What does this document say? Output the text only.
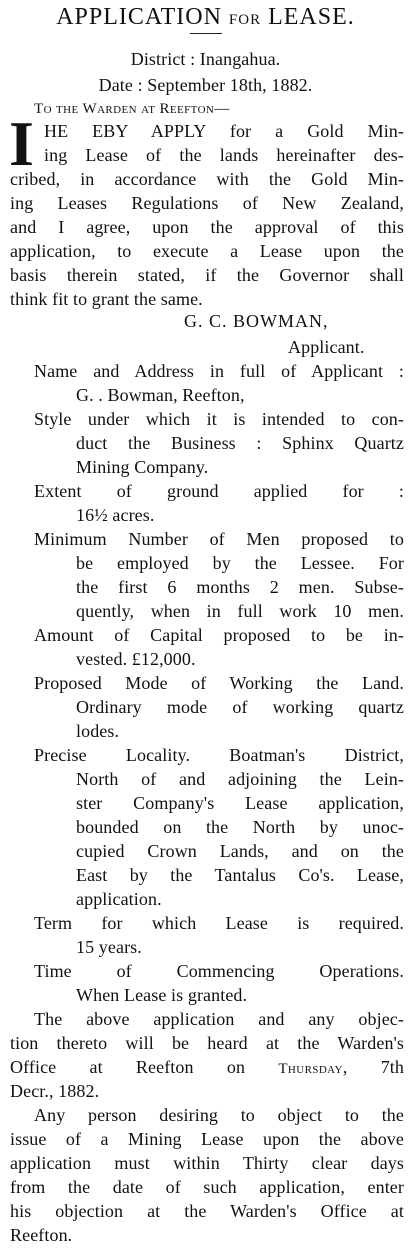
APPLICATION FOR LEASE.
District : Inangahua.
Date : September 18th, 1882.
To the Warden at Reefton—
I HE EBY APPLY for a Gold Min-
ing Lease of the lands hereinafter des-
cribed, in accordance with the Gold Min-
ing Leases Regulations of New Zealand,
and I agree, upon the approval of this
application, to execute a Lease upon the
basis therein stated, if the Governor shall
think fit to grant the same.
G. C. BOWMAN,
Applicant.
Name and Address in full of Applicant :
G. . Bowman, Reefton,
Style under which it is intended to con-
duct the Business : Sphinx Quartz
Mining Company.
Extent of ground applied for :
16½ acres.
Minimum Number of Men proposed to
be employed by the Lessee. For
the first 6 months 2 men. Subse-
quently, when in full work 10 men.
Amount of Capital proposed to be in-
vested. £12,000.
Proposed Mode of Working the Land.
Ordinary mode of working quartz
lodes.
Precise Locality. Boatman's District,
North of and adjoining the Lein-
ster Company's Lease application,
bounded on the North by unoc-
cupied Crown Lands, and on the
East by the Tantalus Co's. Lease,
application.
Term for which Lease is required.
15 years.
Time of Commencing Operations.
When Lease is granted.
The above application and any objec-
tion thereto will be heard at the Warden's
Office at Reefton on Thursday, 7th
Decr., 1882.
Any person desiring to object to the
issue of a Mining Lease upon the above
application must within Thirty clear days
from the date of such application, enter
his objection at the Warden's Office at
Reefton.
